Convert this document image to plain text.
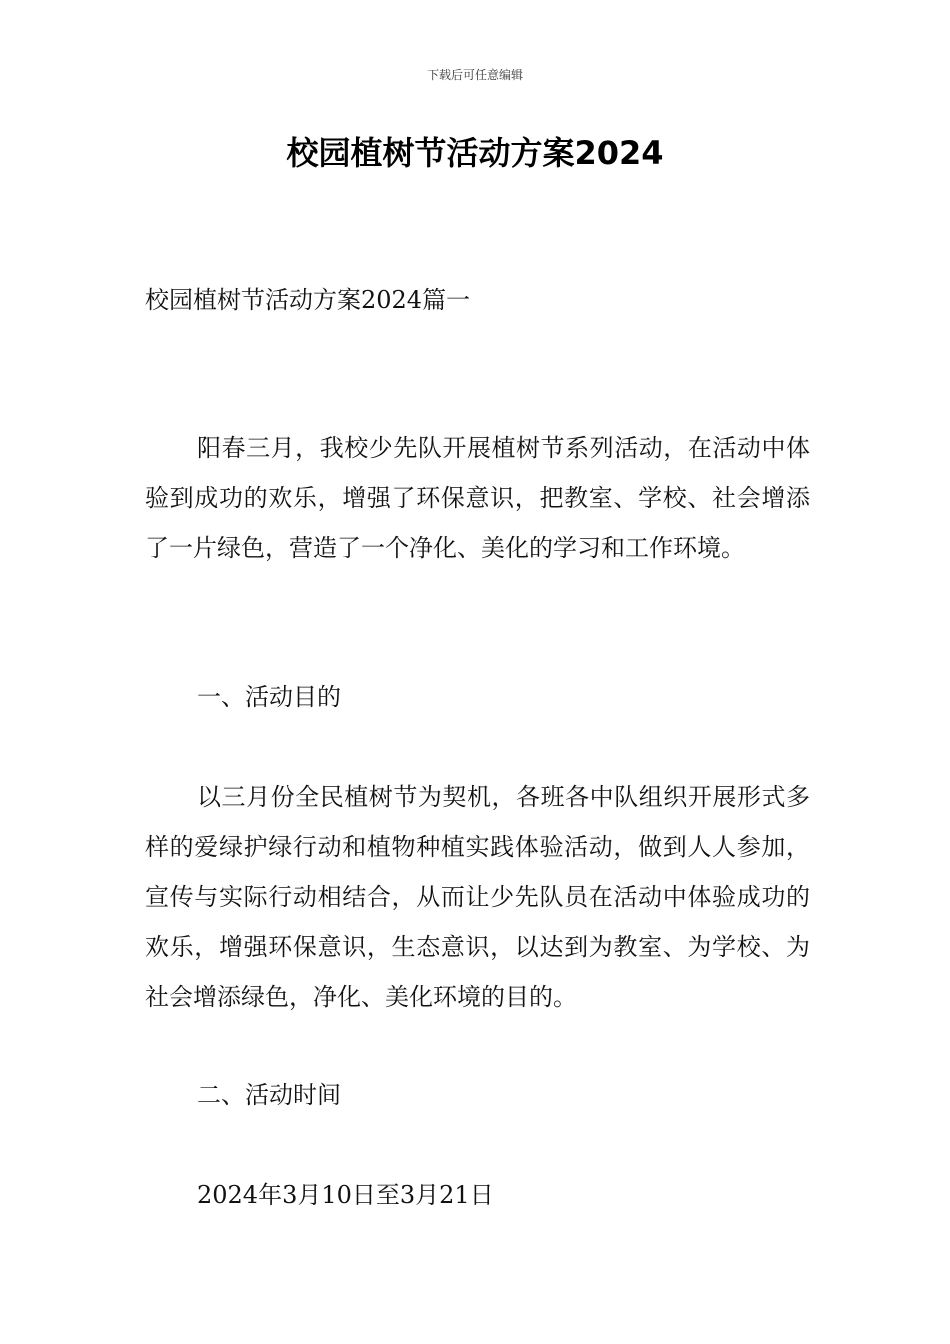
下载后可任意编辑
校园植树节活动方案2024
校园植树节活动方案2024篇一

阳春三月，我校少先队开展植树节系列活动，在活动中体验到成功的欢乐，增强了环保意识，把教室、学校、社会增添了一片绿色，营造了一个净化、美化的学习和工作环境。

一、活动目的

以三月份全民植树节为契机，各班各中队组织开展形式多样的爱绿护绿行动和植物种植实践体验活动，做到人人参加，宣传与实际行动相结合，从而让少先队员在活动中体验成功的欢乐，增强环保意识，生态意识，以达到为教室、为学校、为社会增添绿色，净化、美化环境的目的。

二、活动时间
2024年3月10日至3月21日
